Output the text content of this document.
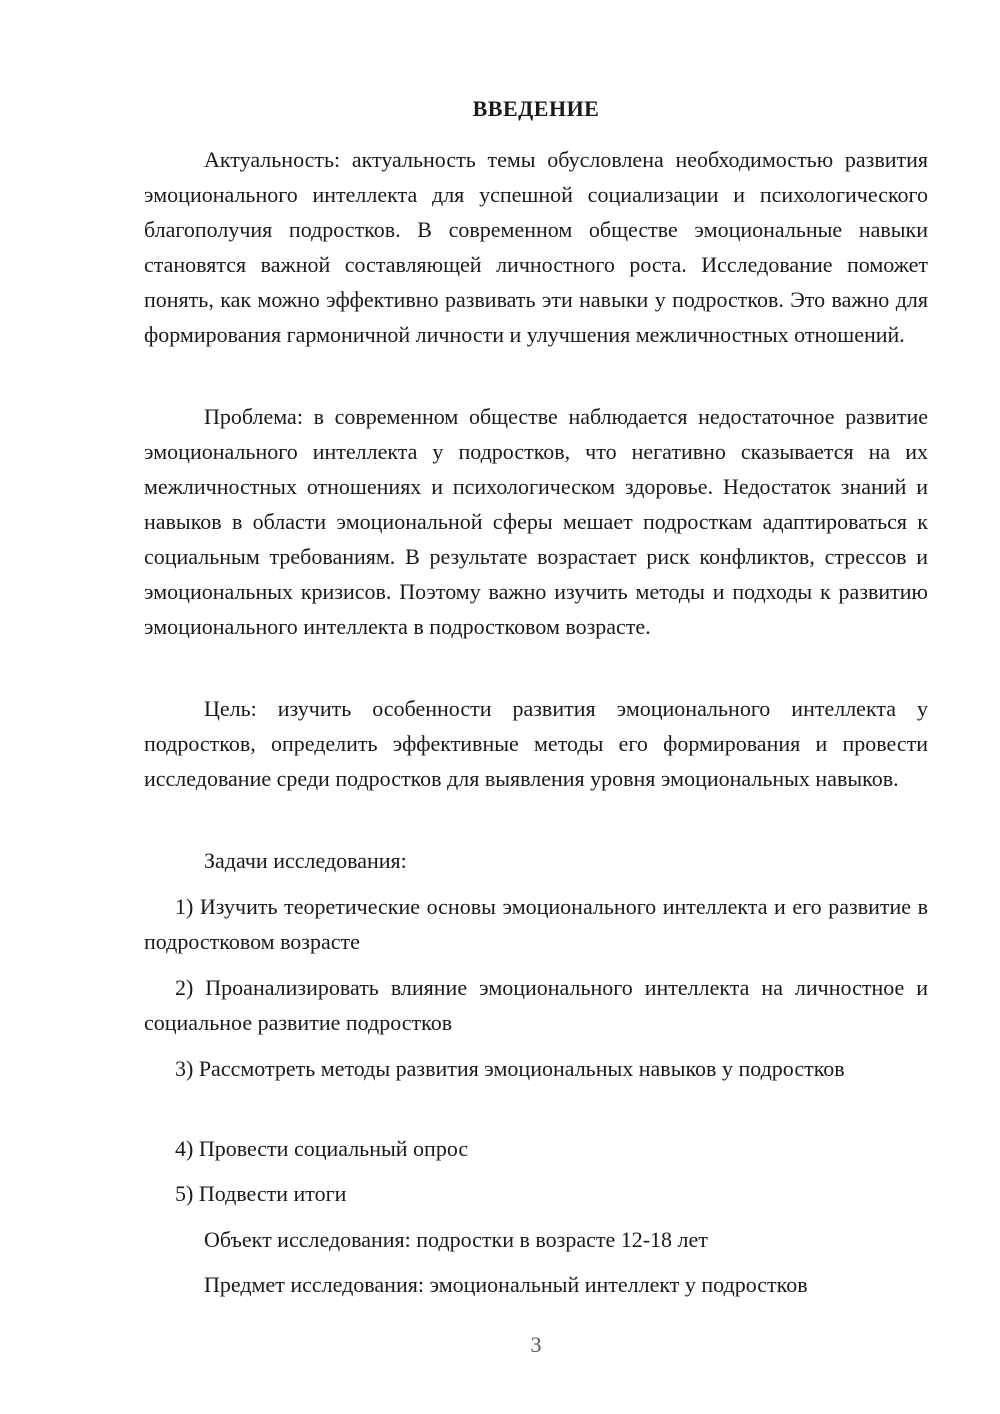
ВВЕДЕНИЕ

Актуальность: актуальность темы обусловлена необходимостью развития эмоционального интеллекта для успешной социализации и психологического благополучия подростков. В современном обществе эмоциональные навыки становятся важной составляющей личностного роста. Исследование поможет понять, как можно эффективно развивать эти навыки у подростков. Это важно для формирования гармоничной личности и улучшения межличностных отношений.

Проблема: в современном обществе наблюдается недостаточное развитие эмоционального интеллекта у подростков, что негативно сказывается на их межличностных отношениях и психологическом здоровье. Недостаток знаний и навыков в области эмоциональной сферы мешает подросткам адаптироваться к социальным требованиям. В результате возрастает риск конфликтов, стрессов и эмоциональных кризисов. Поэтому важно изучить методы и подходы к развитию эмоционального интеллекта в подростковом возрасте.

Цель: изучить особенности развития эмоционального интеллекта у подростков, определить эффективные методы его формирования и провести исследование среди подростков для выявления уровня эмоциональных навыков.

Задачи исследования:

1) Изучить теоретические основы эмоционального интеллекта и его развитие в подростковом возрасте

2) Проанализировать влияние эмоционального интеллекта на личностное и социальное развитие подростков

3) Рассмотреть методы развития эмоциональных навыков у подростков

4) Провести социальный опрос

5) Подвести итоги

Объект исследования: подростки в возрасте 12-18 лет

Предмет исследования: эмоциональный интеллект у подростков

3
